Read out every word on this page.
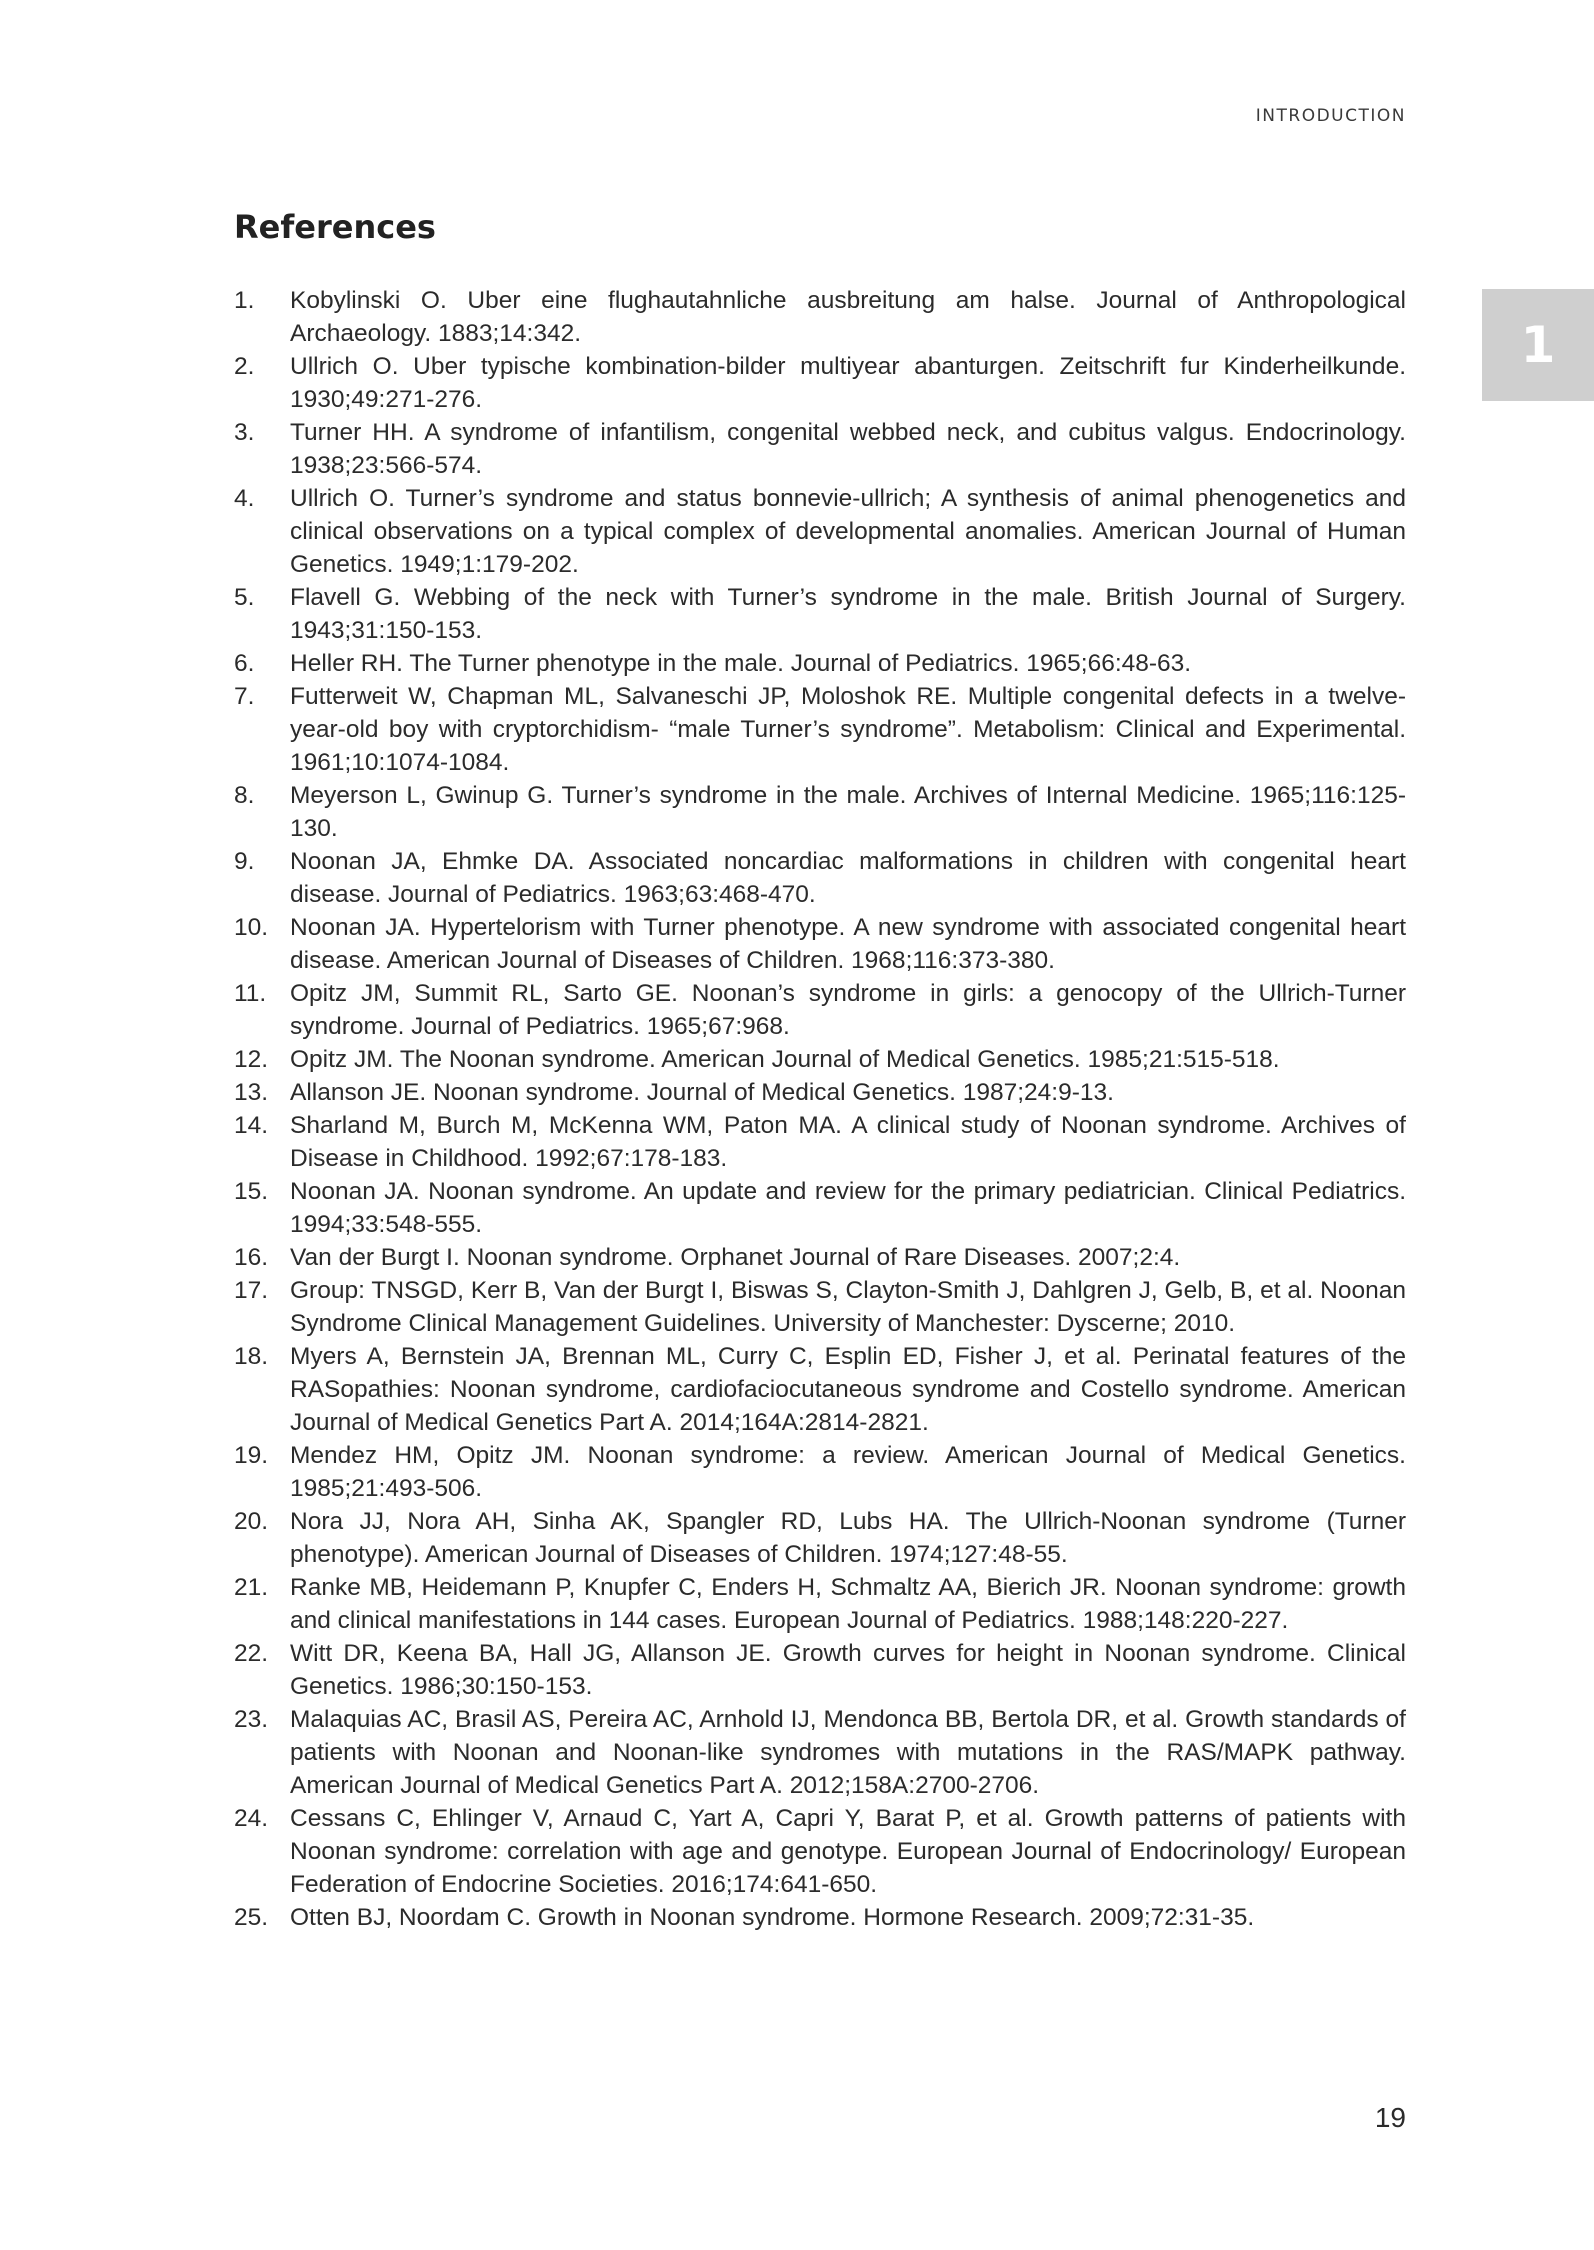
INTRODUCTION
1
References
1.	Kobylinski O. Uber eine flughautahnliche ausbreitung am halse. Journal of Anthropological Archaeology. 1883;14:342.
2.	Ullrich O. Uber typische kombination-bilder multiyear abanturgen. Zeitschrift fur Kinderheilkunde. 1930;49:271-276.
3.	Turner HH. A syndrome of infantilism, congenital webbed neck, and cubitus valgus. Endocrinology. 1938;23:566-574.
4.	Ullrich O. Turner’s syndrome and status bonnevie-ullrich; A synthesis of animal phenogenetics and clinical observations on a typical complex of developmental anomalies. American Journal of Human Genetics. 1949;1:179-202.
5.	Flavell G. Webbing of the neck with Turner’s syndrome in the male. British Journal of Surgery. 1943;31:150-153.
6.	Heller RH. The Turner phenotype in the male. Journal of Pediatrics. 1965;66:48-63.
7.	Futterweit W, Chapman ML, Salvaneschi JP, Moloshok RE. Multiple congenital defects in a twelve-year-old boy with cryptorchidism- “male Turner’s syndrome”. Metabolism: Clinical and Experimental. 1961;10:1074-1084.
8.	Meyerson L, Gwinup G. Turner’s syndrome in the male. Archives of Internal Medicine. 1965;116:125-130.
9.	Noonan JA, Ehmke DA. Associated noncardiac malformations in children with congenital heart disease. Journal of Pediatrics. 1963;63:468-470.
10. Noonan JA. Hypertelorism with Turner phenotype. A new syndrome with associated congenital heart disease. American Journal of Diseases of Children. 1968;116:373-380.
11. Opitz JM, Summit RL, Sarto GE. Noonan’s syndrome in girls: a genocopy of the Ullrich-Turner syndrome. Journal of Pediatrics. 1965;67:968.
12. Opitz JM. The Noonan syndrome. American Journal of Medical Genetics. 1985;21:515-518.
13. Allanson JE. Noonan syndrome. Journal of Medical Genetics. 1987;24:9-13.
14. Sharland M, Burch M, McKenna WM, Paton MA. A clinical study of Noonan syndrome. Archives of Disease in Childhood. 1992;67:178-183.
15. Noonan JA. Noonan syndrome. An update and review for the primary pediatrician. Clinical Pediatrics. 1994;33:548-555.
16. Van der Burgt I. Noonan syndrome. Orphanet Journal of Rare Diseases. 2007;2:4.
17. Group: TNSGD, Kerr B, Van der Burgt I, Biswas S, Clayton-Smith J, Dahlgren J, Gelb, B, et al. Noonan Syndrome Clinical Management Guidelines. University of Manchester: Dyscerne; 2010.
18. Myers A, Bernstein JA, Brennan ML, Curry C, Esplin ED, Fisher J, et al. Perinatal features of the RASopathies: Noonan syndrome, cardiofaciocutaneous syndrome and Costello syndrome. American Journal of Medical Genetics Part A. 2014;164A:2814-2821.
19. Mendez HM, Opitz JM. Noonan syndrome: a review. American Journal of Medical Genetics. 1985;21:493-506.
20. Nora JJ, Nora AH, Sinha AK, Spangler RD, Lubs HA. The Ullrich-Noonan syndrome (Turner phenotype). American Journal of Diseases of Children. 1974;127:48-55.
21. Ranke MB, Heidemann P, Knupfer C, Enders H, Schmaltz AA, Bierich JR. Noonan syndrome: growth and clinical manifestations in 144 cases. European Journal of Pediatrics. 1988;148:220-227.
22. Witt DR, Keena BA, Hall JG, Allanson JE. Growth curves for height in Noonan syndrome. Clinical Genetics. 1986;30:150-153.
23. Malaquias AC, Brasil AS, Pereira AC, Arnhold IJ, Mendonca BB, Bertola DR, et al. Growth standards of patients with Noonan and Noonan-like syndromes with mutations in the RAS/MAPK pathway. American Journal of Medical Genetics Part A. 2012;158A:2700-2706.
24. Cessans C, Ehlinger V, Arnaud C, Yart A, Capri Y, Barat P, et al. Growth patterns of patients with Noonan syndrome: correlation with age and genotype. European Journal of Endocrinology/ European Federation of Endocrine Societies. 2016;174:641-650.
25. Otten BJ, Noordam C. Growth in Noonan syndrome. Hormone Research. 2009;72:31-35.
19
